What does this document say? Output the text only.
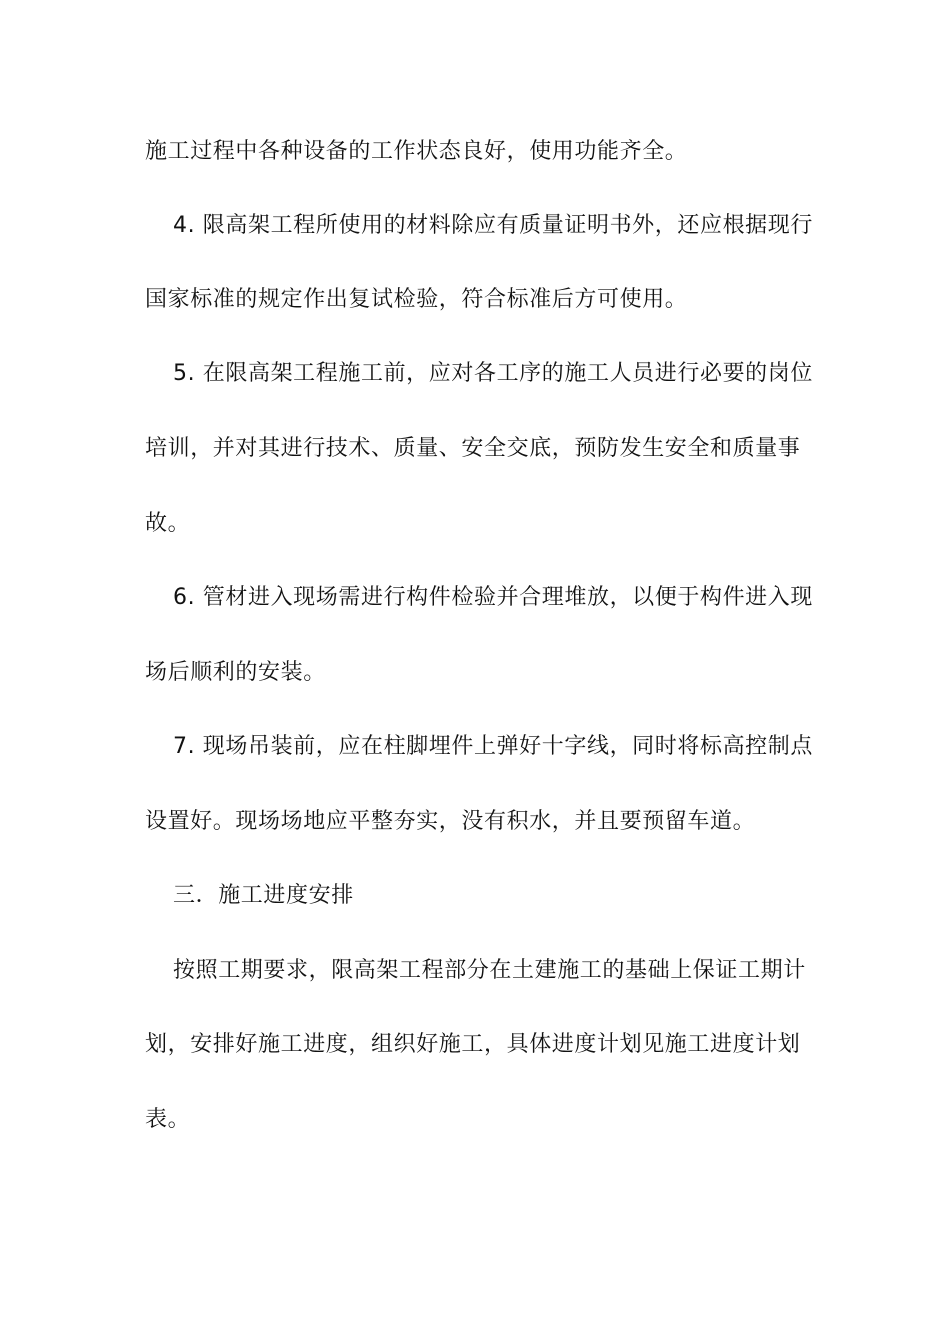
施工过程中各种设备的工作状态良好，使用功能齐全。
4. 限高架工程所使用的材料除应有质量证明书外，还应根据现行
国家标准的规定作出复试检验，符合标准后方可使用。
5. 在限高架工程施工前，应对各工序的施工人员进行必要的岗位
培训，并对其进行技术、质量、安全交底，预防发生安全和质量事
故。
6. 管材进入现场需进行构件检验并合理堆放，以便于构件进入现
场后顺利的安装。
7. 现场吊装前，应在柱脚埋件上弹好十字线，同时将标高控制点
设置好。现场场地应平整夯实，没有积水，并且要预留车道。
三．施工进度安排
按照工期要求，限高架工程部分在土建施工的基础上保证工期计
划，安排好施工进度，组织好施工，具体进度计划见施工进度计划
表。
